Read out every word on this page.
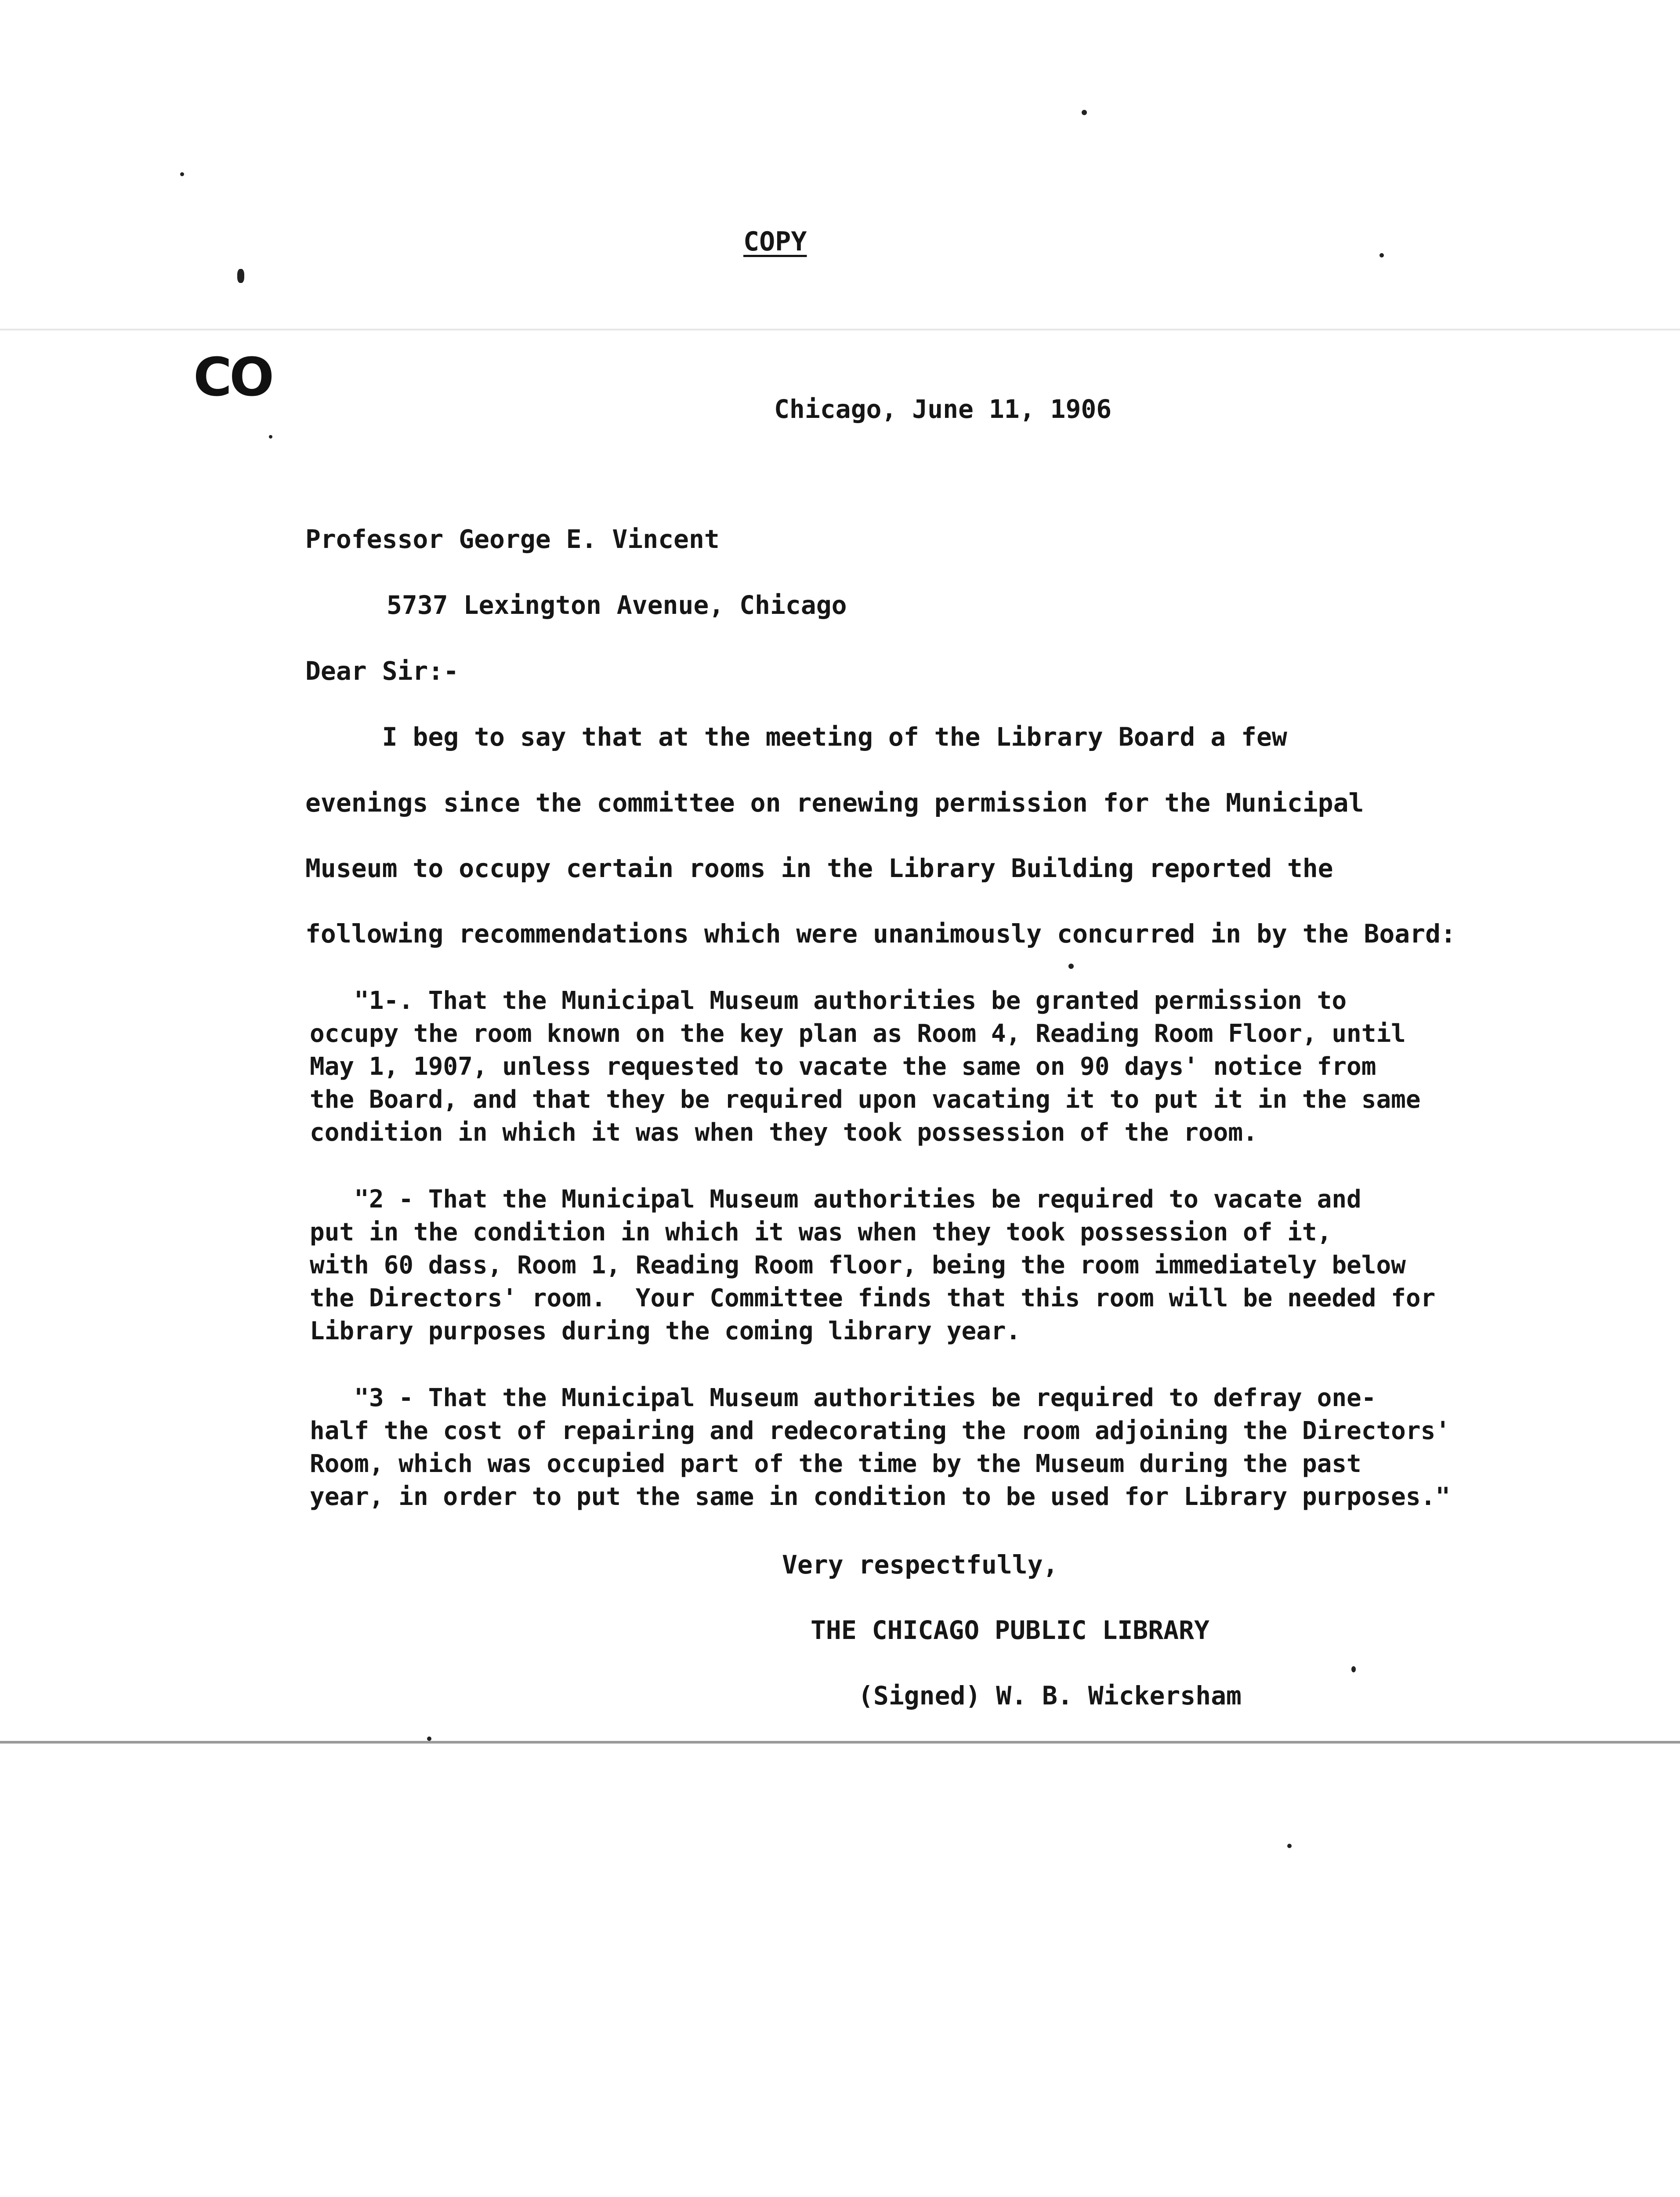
CO
COPY
Chicago, June 11, 1906
Professor George E. Vincent
5737 Lexington Avenue, Chicago
Dear Sir:-
I beg to say that at the meeting of the Library Board a few
evenings since the committee on renewing permission for the Municipal
Museum to occupy certain rooms in the Library Building reported the
following recommendations which were unanimously concurred in by the Board:
"1-. That the Municipal Museum authorities be granted permission to
occupy the room known on the key plan as Room 4, Reading Room Floor, until
May 1, 1907, unless requested to vacate the same on 90 days' notice from
the Board, and that they be required upon vacating it to put it in the same
condition in which it was when they took possession of the room.
"2 - That the Municipal Museum authorities be required to vacate and
put in the condition in which it was when they took possession of it,
with 60 dass, Room 1, Reading Room floor, being the room immediately below
the Directors' room.  Your Committee finds that this room will be needed for
Library purposes during the coming library year.
"3 - That the Municipal Museum authorities be required to defray one-
half the cost of repairing and redecorating the room adjoining the Directors'
Room, which was occupied part of the time by the Museum during the past
year, in order to put the same in condition to be used for Library purposes."
Very respectfully,
THE CHICAGO PUBLIC LIBRARY
(Signed) W. B. Wickersham
